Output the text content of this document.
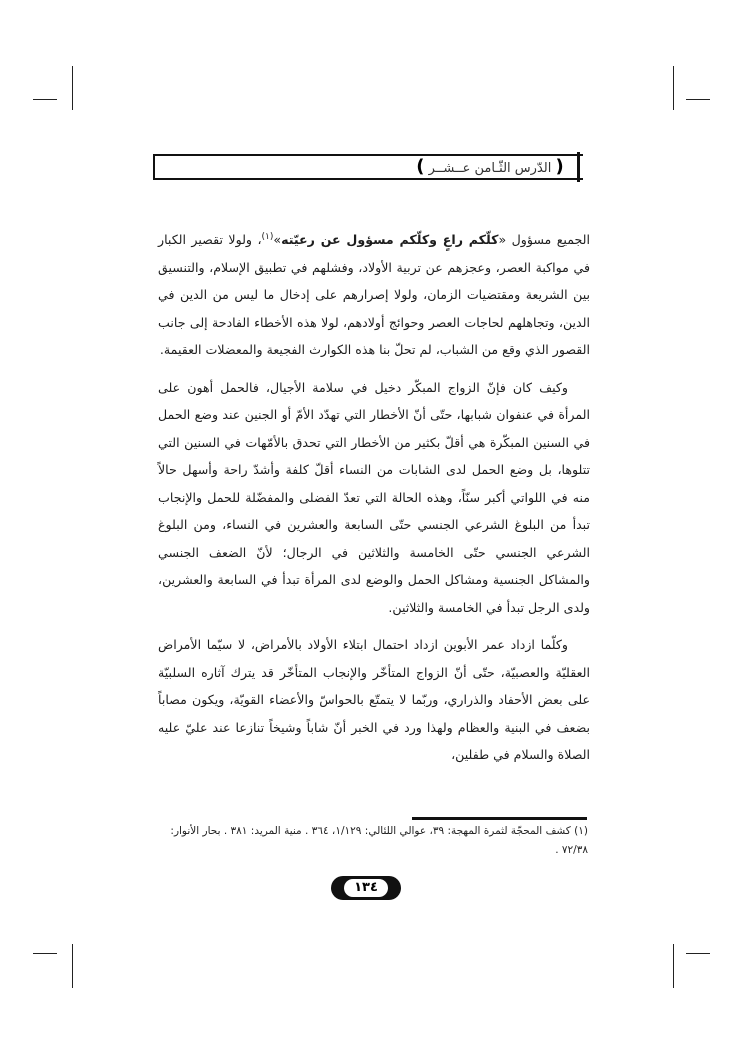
( الدّرس الثّـامن عــشــر )

الجميع مسؤول «كلّكم راعٍ وكلّكم مسؤول عن رعيّته»$^{(١)}$، ولولا تقصير الكبار في مواكبة العصر، وعجزهم عن تربية الأولاد، وفشلهم في تطبيق الإسلام، والتنسيق بين الشريعة ومقتضيات الزمان، ولولا إصرارهم على إدخال ما ليس من الدين في الدين، وتجاهلهم لحاجات العصر وحوائج أولادهم، لولا هذه الأخطاء الفادحة إلى جانب القصور الذي وقع من الشباب، لم تحلّ بنا هذه الكوارث الفجيعة والمعضلات العقيمة.

وكيف كان فإنّ الزواج المبكّر دخيل في سلامة الأجيال، فالحمل أهون على المرأة في عنفوان شبابها، حتّى أنّ الأخطار التي تهدّد الأمّ أو الجنين عند وضع الحمل في السنين المبكّرة هي أقلّ بكثير من الأخطار التي تحدق بالأمّهات في السنين التي تتلوها، بل وضع الحمل لدى الشابات من النساء أقلّ كلفة وأشدّ راحة وأسهل حالاً منه في اللواتي أكبر سنّاً، وهذه الحالة التي تعدّ الفضلى والمفضّلة للحمل والإنجاب تبدأ من البلوغ الشرعي الجنسي حتّى السابعة والعشرين في النساء، ومن البلوغ الشرعي الجنسي حتّى الخامسة والثلاثين في الرجال؛ لأنّ الضعف الجنسي والمشاكل الجنسية ومشاكل الحمل والوضع لدى المرأة تبدأ في السابعة والعشرين، ولدى الرجل تبدأ في الخامسة والثلاثين.

وكلّما ازداد عمر الأبوين ازداد احتمال ابتلاء الأولاد بالأمراض، لا سيّما الأمراض العقليّة والعصبيّة، حتّى أنّ الزواج المتأخّر والإنجاب المتأخّر قد يترك آثاره السلبيّة على بعض الأحفاد والذراري، وربّما لا يتمتّع بالحواسّ والأعضاء القويّة، ويكون مصاباً بضعف في البنية والعظام ولهذا ورد في الخبر أنّ شاباً وشيخاً تنازعا عند عليّ عليه الصلاة والسلام في طفلين،

(١) كشف المحجّة لثمرة المهجة: ٣٩، عوالي اللئالي: ١/١٢٩، ٣٦٤ . منية المريد: ٣٨١ . بحار الأنوار: ٧٢/٣٨ .
١٣٤
